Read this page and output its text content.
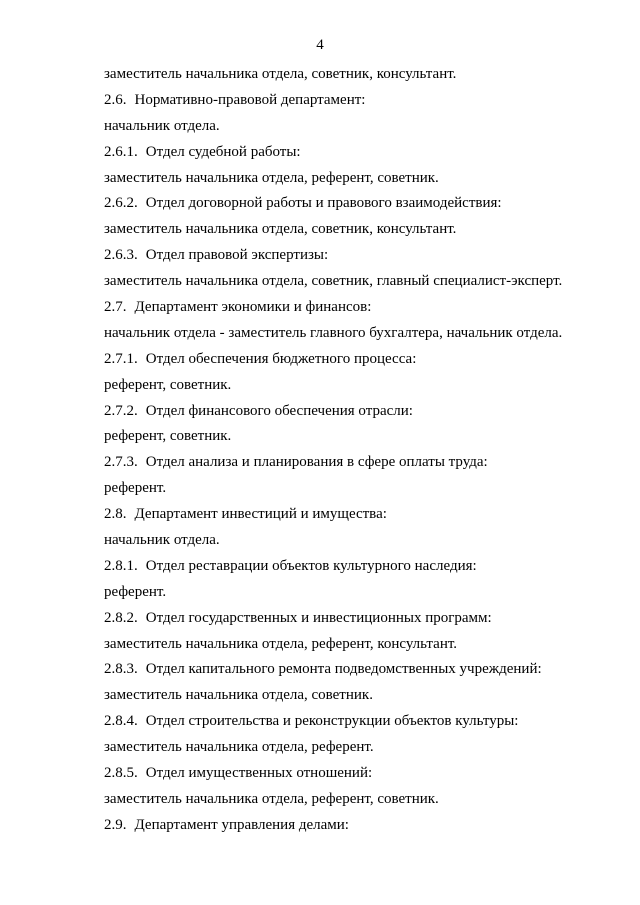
4
заместитель начальника отдела, советник, консультант.
2.6. Нормативно-правовой департамент:
начальник отдела.
2.6.1. Отдел судебной работы:
заместитель начальника отдела, референт, советник.
2.6.2. Отдел договорной работы и правового взаимодействия:
заместитель начальника отдела, советник, консультант.
2.6.3. Отдел правовой экспертизы:
заместитель начальника отдела, советник, главный специалист-эксперт.
2.7. Департамент экономики и финансов:
начальник отдела - заместитель главного бухгалтера, начальник отдела.
2.7.1. Отдел обеспечения бюджетного процесса:
референт, советник.
2.7.2. Отдел финансового обеспечения отрасли:
референт, советник.
2.7.3. Отдел анализа и планирования в сфере оплаты труда:
референт.
2.8. Департамент инвестиций и имущества:
начальник отдела.
2.8.1. Отдел реставрации объектов культурного наследия:
референт.
2.8.2. Отдел государственных и инвестиционных программ:
заместитель начальника отдела, референт, консультант.
2.8.3. Отдел капитального ремонта подведомственных учреждений:
заместитель начальника отдела, советник.
2.8.4. Отдел строительства и реконструкции объектов культуры:
заместитель начальника отдела, референт.
2.8.5. Отдел имущественных отношений:
заместитель начальника отдела, референт, советник.
2.9. Департамент управления делами:
